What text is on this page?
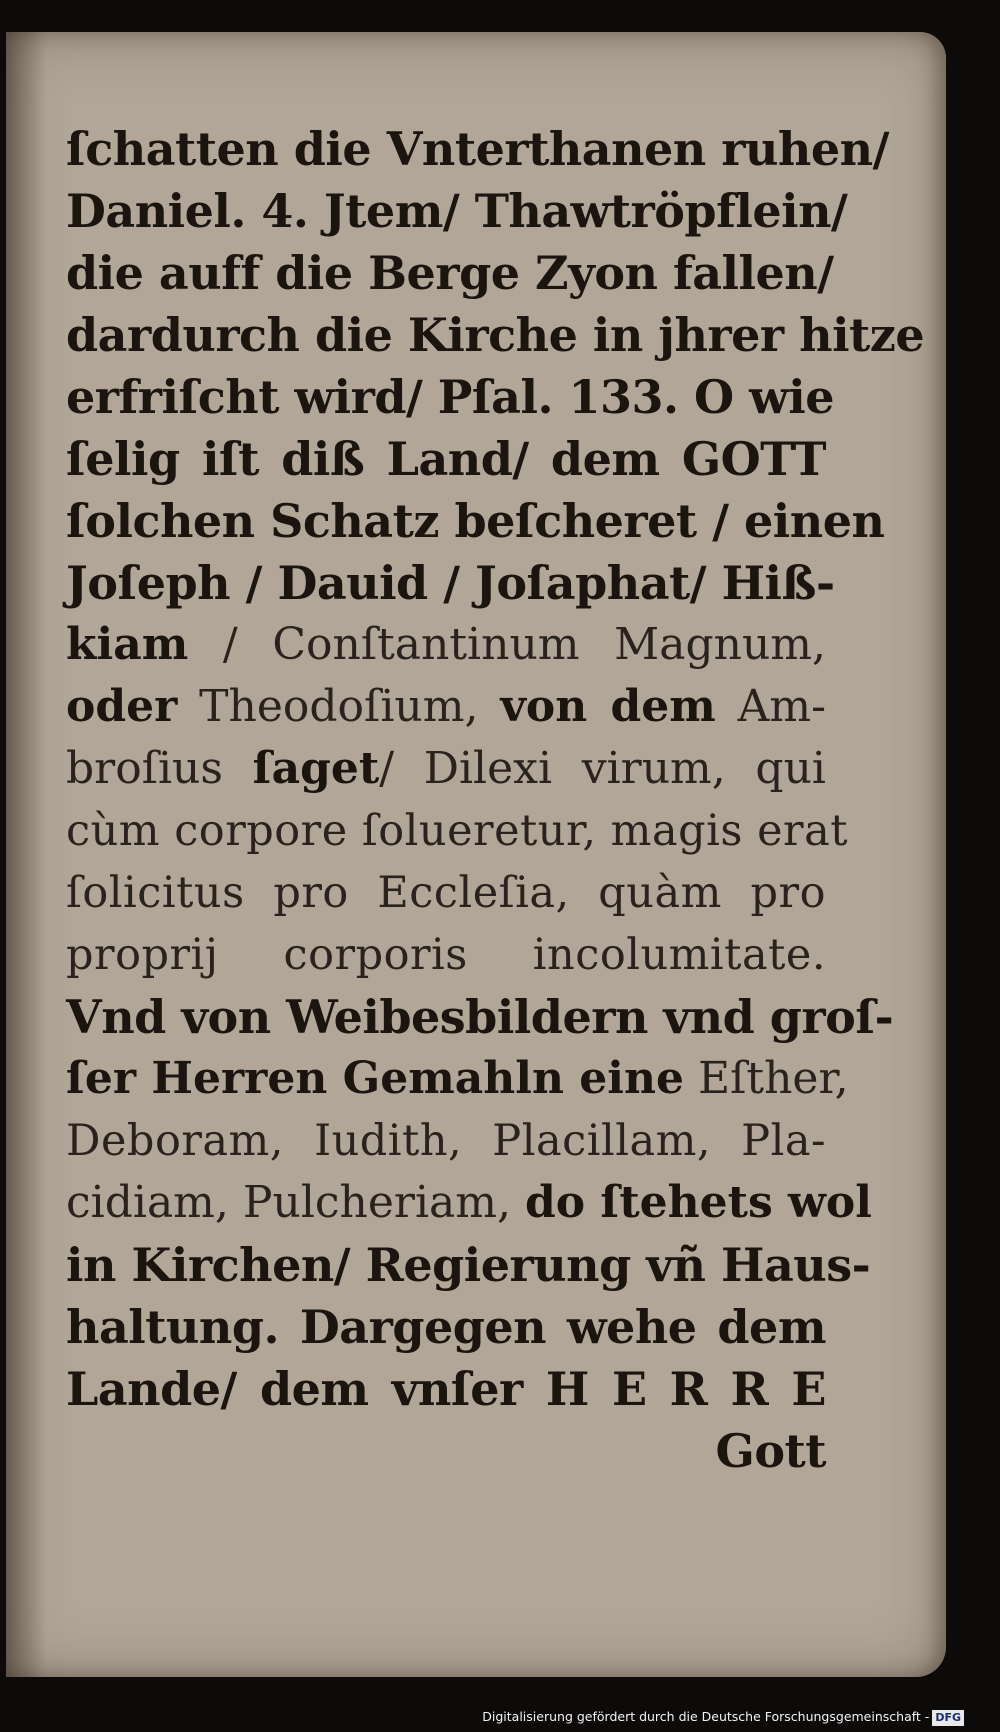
ſchatten die Vnterthanen ruhen/

Daniel. 4. Jtem/ Thawtröpflein/

die auff die Berge Zyon fallen/

dardurch die Kirche in jhrer hitze

erfriſcht wird/ Pſal. 133. O wie

ſelig iſt diß Land/ dem GOTT

ſolchen Schatz beſcheret / einen

Joſeph / Dauid / Joſaphat/ Hiß-

kiam / Conſtantinum Magnum,

oder Theodoſium, von dem Am-

broſius ſaget/ Dilexi virum, qui

cùm corpore ſolueretur, magis erat

ſolicitus pro Eccleſia, quàm pro

proprij corporis incolumitate.

Vnd von Weibesbildern vnd groſ-

ſer Herren Gemahln eine Eſther,

Deboram, Iudith, Placillam, Pla-

cidiam, Pulcheriam, do ſtehets wol

in Kirchen/ Regierung vñ Haus-

haltung. Dargegen wehe dem

Lande/ dem vnſer H E R R E

Gott

Digitalisierung gefördert durch die Deutsche Forschungsgemeinschaft - DFG
